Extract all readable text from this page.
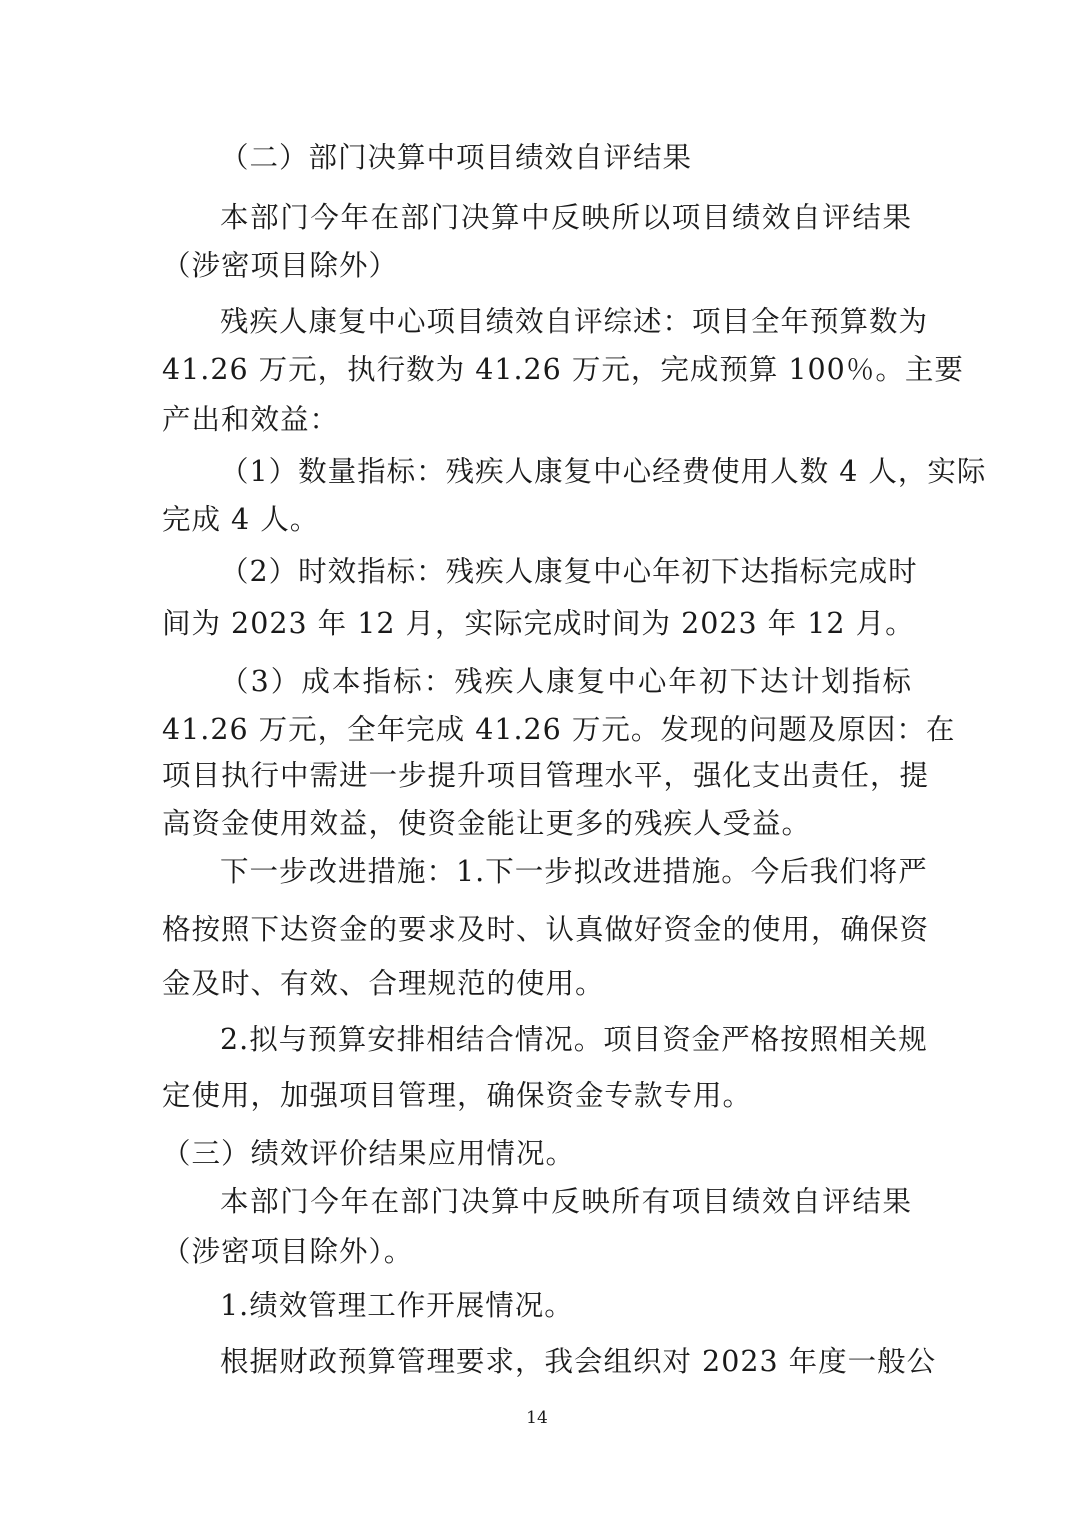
（二）部门决算中项目绩效自评结果
本部门今年在部门决算中反映所以项目绩效自评结果
（涉密项目除外）
残疾人康复中心项目绩效自评综述：项目全年预算数为
41.26 万元，执行数为 41.26 万元，完成预算 100％。主要
产出和效益：
（1）数量指标：残疾人康复中心经费使用人数 4 人，实际
完成 4 人。
（2）时效指标：残疾人康复中心年初下达指标完成时
间为 2023 年 12 月，实际完成时间为 2023 年 12 月。
（3）成本指标：残疾人康复中心年初下达计划指标
41.26 万元，全年完成 41.26 万元。发现的问题及原因：在
项目执行中需进一步提升项目管理水平，强化支出责任，提
高资金使用效益，使资金能让更多的残疾人受益。
下一步改进措施：1.下一步拟改进措施。今后我们将严
格按照下达资金的要求及时、认真做好资金的使用，确保资
金及时、有效、合理规范的使用。
2.拟与预算安排相结合情况。项目资金严格按照相关规
定使用，加强项目管理，确保资金专款专用。
（三）绩效评价结果应用情况。
本部门今年在部门决算中反映所有项目绩效自评结果
（涉密项目除外）。
1.绩效管理工作开展情况。
根据财政预算管理要求，我会组织对 2023 年度一般公
14
